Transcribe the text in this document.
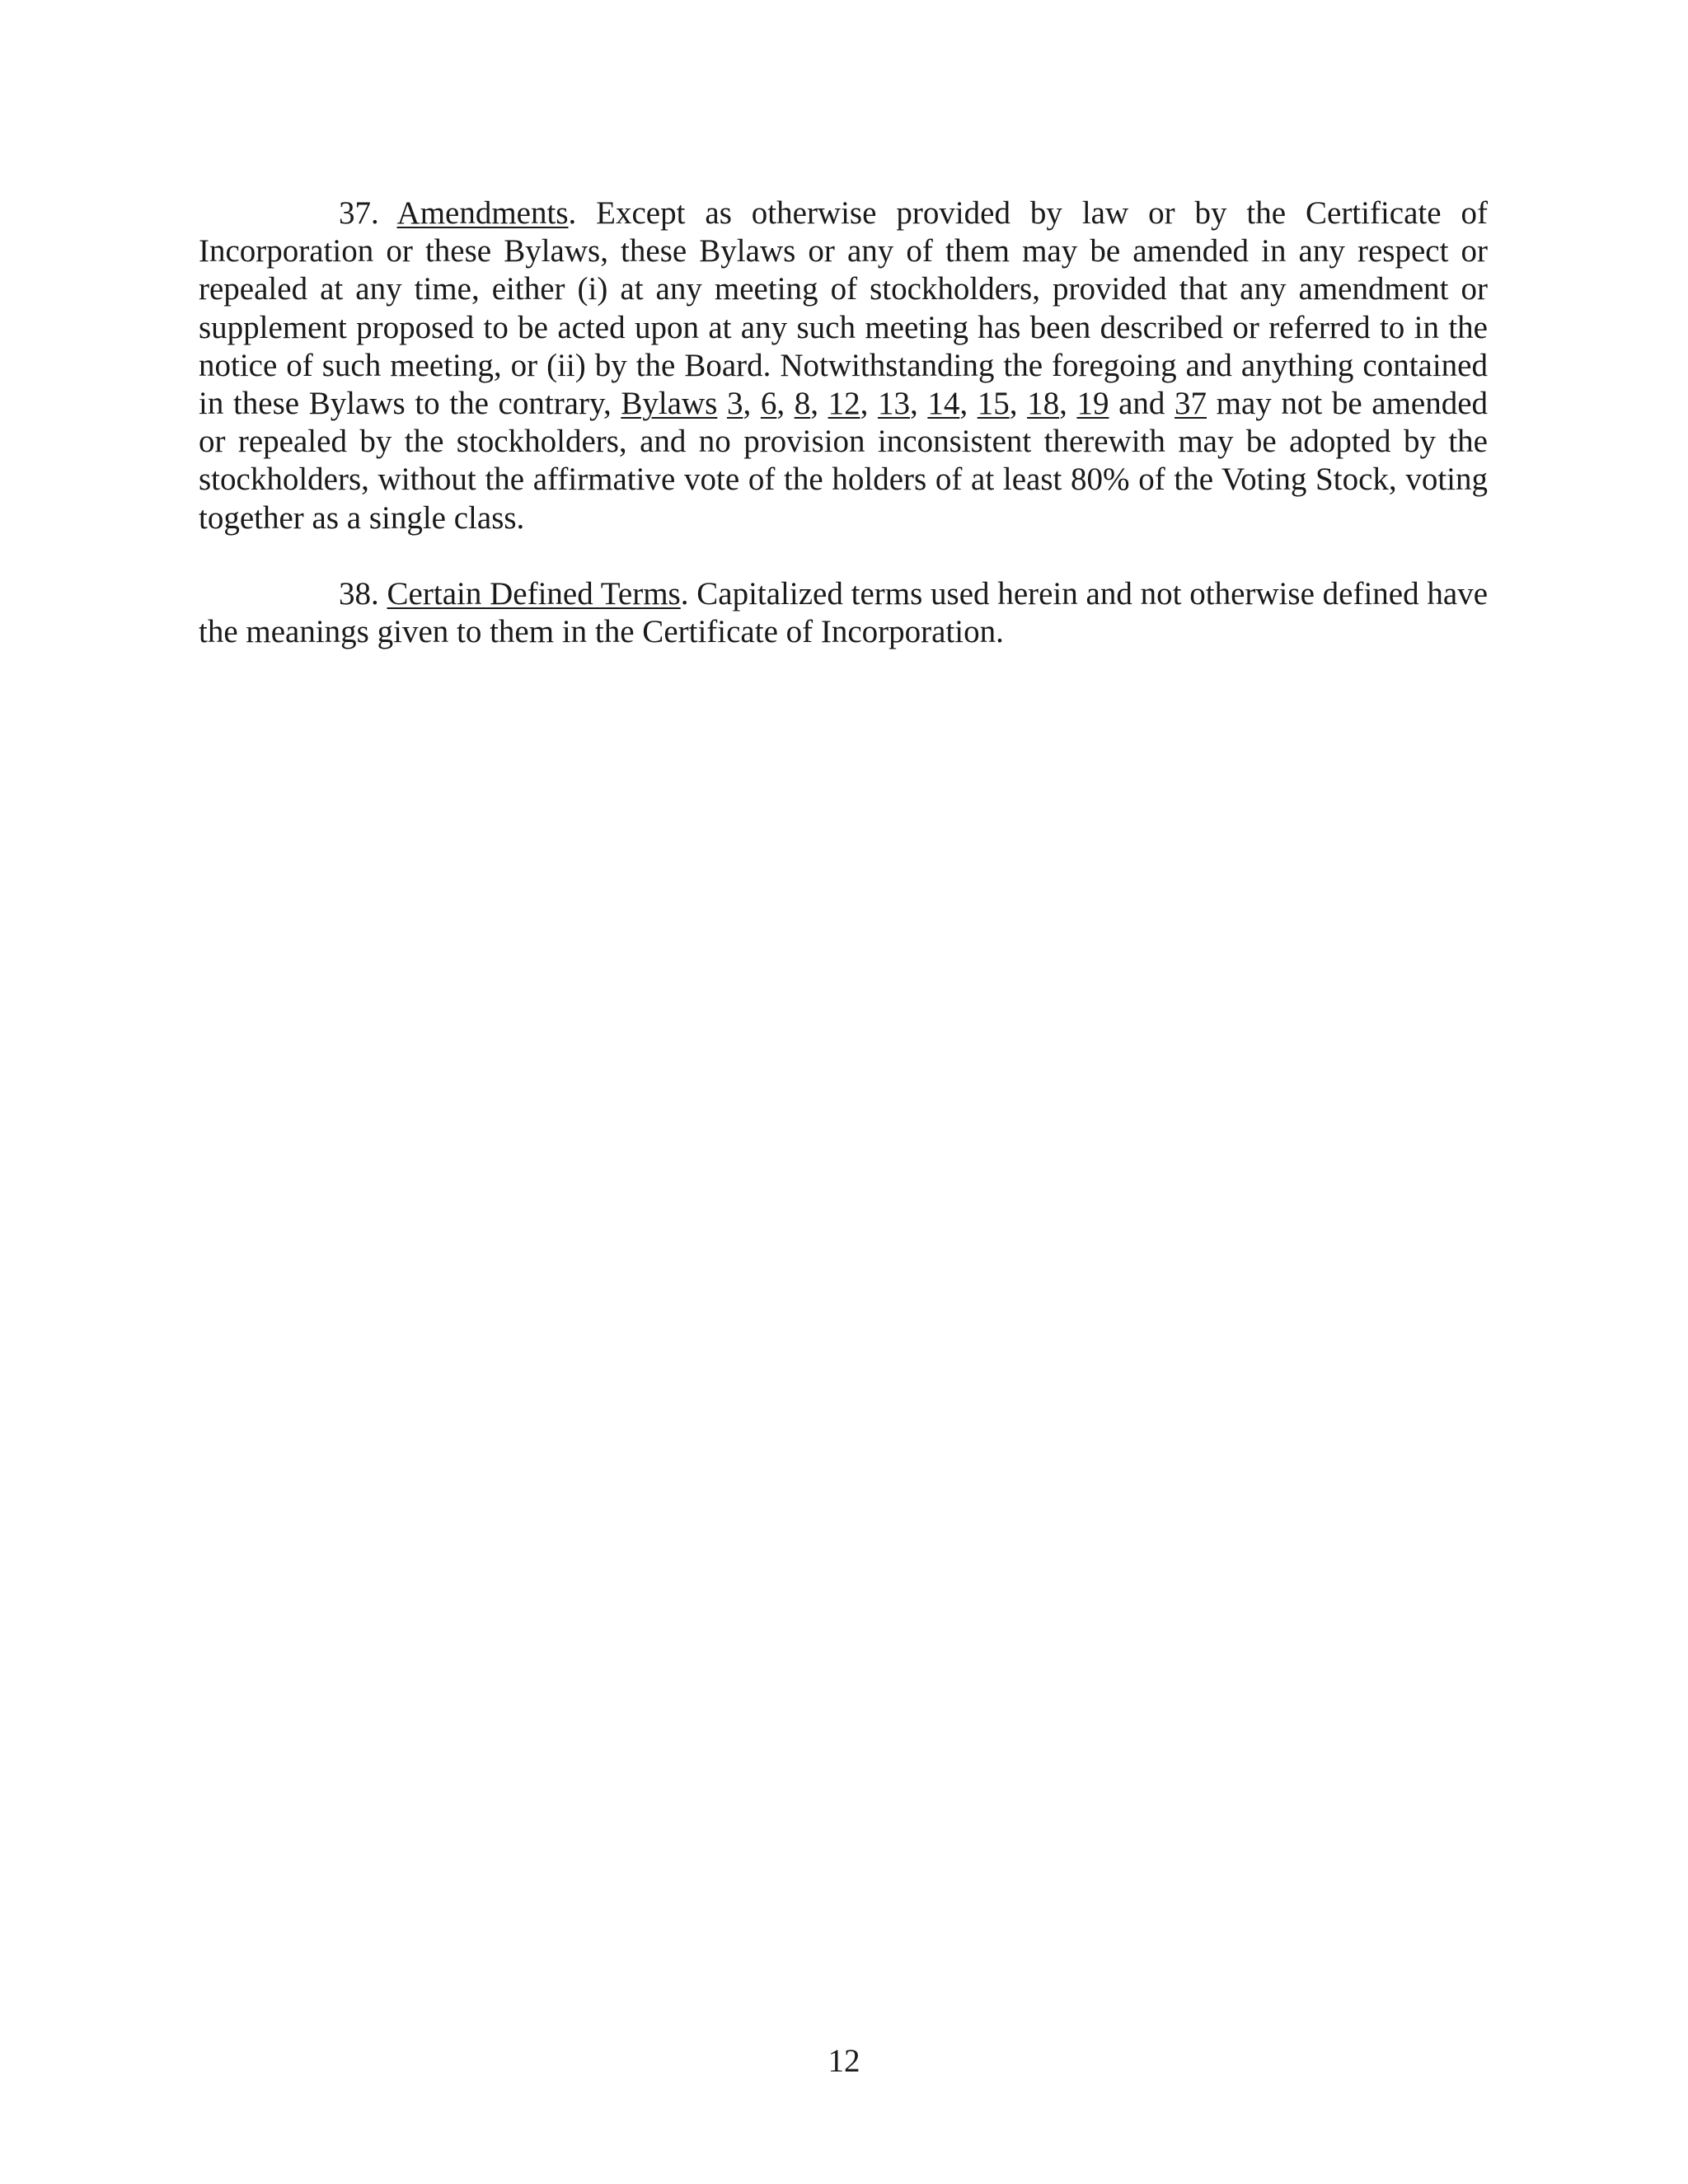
37. Amendments. Except as otherwise provided by law or by the Certificate of Incorporation or these Bylaws, these Bylaws or any of them may be amended in any respect or repealed at any time, either (i) at any meeting of stockholders, provided that any amendment or supplement proposed to be acted upon at any such meeting has been described or referred to in the notice of such meeting, or (ii) by the Board. Notwithstanding the foregoing and anything contained in these Bylaws to the contrary, Bylaws 3, 6, 8, 12, 13, 14, 15, 18, 19 and 37 may not be amended or repealed by the stockholders, and no provision inconsistent therewith may be adopted by the stockholders, without the affirmative vote of the holders of at least 80% of the Voting Stock, voting together as a single class.

38. Certain Defined Terms. Capitalized terms used herein and not otherwise defined have the meanings given to them in the Certificate of Incorporation.

12
